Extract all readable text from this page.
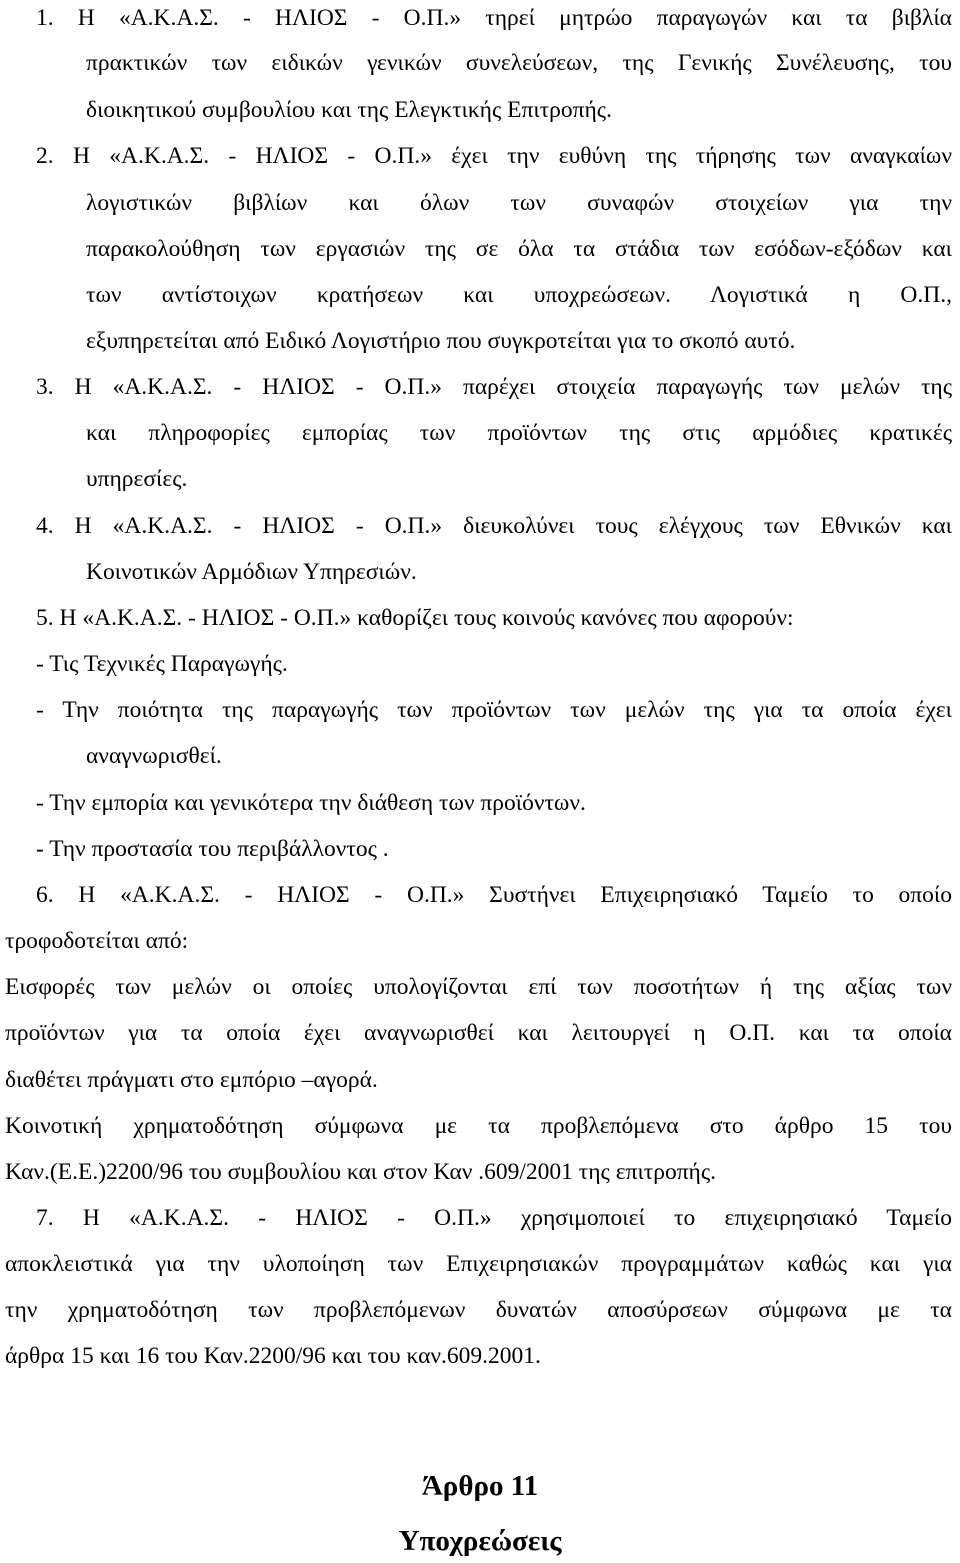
1. Η «Α.Κ.Α.Σ. - ΗΛΙΟΣ - Ο.Π.» τηρεί μητρώο παραγωγών και τα βιβλία
πρακτικών των ειδικών γενικών συνελεύσεων, της Γενικής Συνέλευσης, του
διοικητικού συμβουλίου και της Ελεγκτικής Επιτροπής.
2. Η «Α.Κ.Α.Σ. - ΗΛΙΟΣ - Ο.Π.» έχει την ευθύνη της τήρησης των αναγκαίων
λογιστικών βιβλίων και όλων των συναφών στοιχείων για την
παρακολούθηση των εργασιών της σε όλα τα στάδια των εσόδων-εξόδων και
των αντίστοιχων κρατήσεων και υποχρεώσεων. Λογιστικά η Ο.Π.,
εξυπηρετείται από Ειδικό Λογιστήριο που συγκροτείται για το σκοπό αυτό.
3. Η «Α.Κ.Α.Σ. - ΗΛΙΟΣ - Ο.Π.» παρέχει στοιχεία παραγωγής των μελών της
και πληροφορίες εμπορίας των προϊόντων της στις αρμόδιες κρατικές
υπηρεσίες.
4. Η «Α.Κ.Α.Σ. - ΗΛΙΟΣ - Ο.Π.» διευκολύνει τους ελέγχους των Εθνικών και
Κοινοτικών Αρμόδιων Υπηρεσιών.
5. Η «Α.Κ.Α.Σ. - ΗΛΙΟΣ - Ο.Π.» καθορίζει τους κοινούς κανόνες που αφορούν:
- Τις Τεχνικές Παραγωγής.
- Την ποιότητα της παραγωγής των προϊόντων των μελών της για τα οποία έχει
αναγνωρισθεί.
- Την εμπορία και γενικότερα την διάθεση των προϊόντων.
- Την προστασία του περιβάλλοντος .
6. Η «Α.Κ.Α.Σ. - ΗΛΙΟΣ - Ο.Π.» Συστήνει Επιχειρησιακό Ταμείο το οποίο
τροφοδοτείται από:
Εισφορές των μελών οι οποίες υπολογίζονται επί των ποσοτήτων ή της αξίας των
προϊόντων για τα οποία έχει αναγνωρισθεί και λειτουργεί η Ο.Π. και τα οποία
διαθέτει πράγματι στο εμπόριο –αγορά.
Κοινοτική χρηματοδότηση σύμφωνα με τα προβλεπόμενα στο άρθρο 15 του
Καν.(Ε.Ε.)2200/96 του συμβουλίου και στον Καν .609/2001 της επιτροπής.
7. Η «Α.Κ.Α.Σ. - ΗΛΙΟΣ - Ο.Π.» χρησιμοποιεί το επιχειρησιακό Ταμείο
αποκλειστικά για την υλοποίηση των Επιχειρησιακών προγραμμάτων καθώς και για
την χρηματοδότηση των προβλεπόμενων δυνατών αποσύρσεων σύμφωνα με τα
άρθρα 15 και 16 του Καν.2200/96 και του καν.609.2001.
Άρθρο 11
Υποχρεώσεις
